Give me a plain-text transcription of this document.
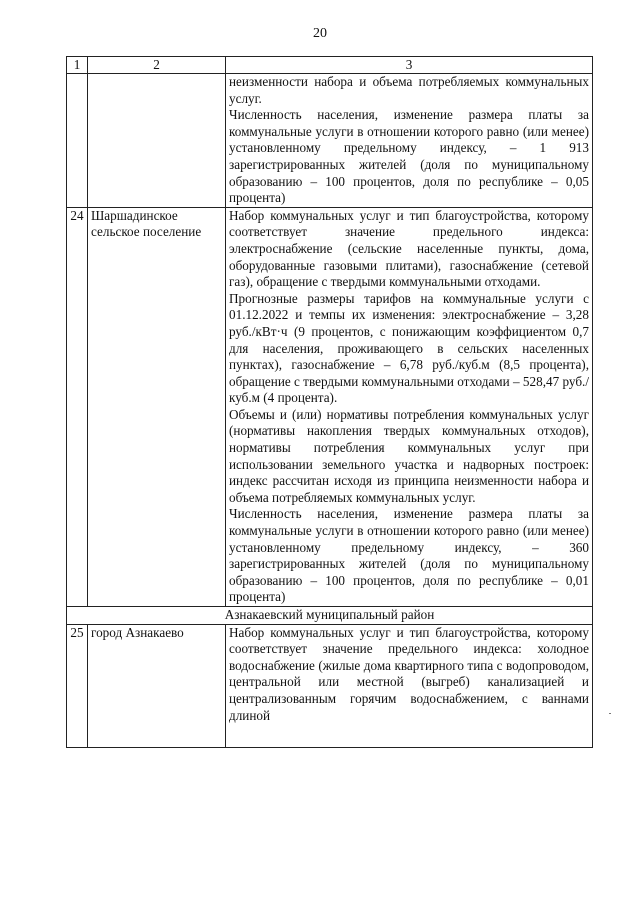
20
1	2	3

		неизменности набора и объема потребляемых коммунальных услуг.

Численность населения, изменение размера платы за коммунальные услуги в отношении которого равно (или менее) установленному предельному индексу, – 1 913 зарегистрированных жителей (доля по муниципальному образованию – 100 процентов, доля по республике – 0,05 процента)

24	Шаршадинское сельское поселение	Набор коммунальных услуг и тип благоустройства, которому соответствует значение предельного индекса: электроснабжение (сельские населенные пункты, дома, оборудованные газовыми плитами), газоснабжение (сетевой газ), обращение с твердыми коммунальными отходами.

Прогнозные размеры тарифов на коммунальные услуги с 01.12.2022 и темпы их изменения: электроснабжение – 3,28 руб./кВт·ч (9 процентов, с понижающим коэффициентом 0,7 для населения, проживающего в сельских населенных пунктах), газоснабжение – 6,78 руб./куб.м (8,5 процента), обращение с твердыми коммунальными отходами – 528,47 руб./куб.м (4 процента).

Объемы и (или) нормативы потребления коммунальных услуг (нормативы накопления твердых коммунальных отходов), нормативы потребления коммунальных услуг при использовании земельного участка и надворных построек: индекс рассчитан исходя из принципа неизменности набора и объема потребляемых коммунальных услуг.

Численность населения, изменение размера платы за коммунальные услуги в отношении которого равно (или менее) установленному предельному индексу, – 360 зарегистрированных жителей (доля по муниципальному образованию – 100 процентов, доля по республике – 0,01 процента)

Азнакаевский муниципальный район		
25	город Азнакаево	Набор коммунальных услуг и тип благоустройства, которому соответствует значение предельного индекса: холодное водоснабжение (жилые дома квартирного типа с водопроводом, центральной или местной (выгреб) канализацией и централизованным горячим водоснабжением, с ваннами длиной
